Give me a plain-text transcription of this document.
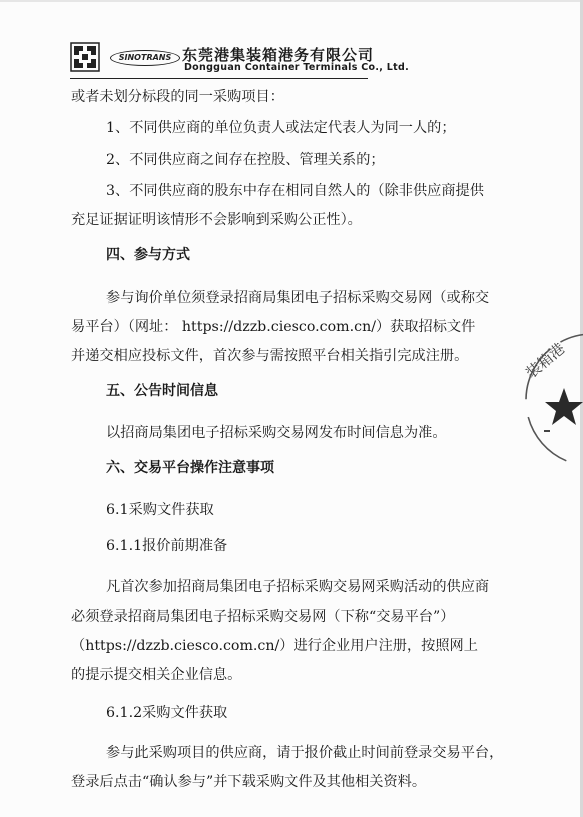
SINOTRANS 东莞港集装箱港务有限公司
Dongguan Container Terminals Co., Ltd.
或者未划分标段的同一采购项目：
1、不同供应商的单位负责人或法定代表人为同一人的；
2、不同供应商之间存在控股、管理关系的；
3、不同供应商的股东中存在相同自然人的（除非供应商提供
充足证据证明该情形不会影响到采购公正性）。
四、参与方式
参与询价单位须登录招商局集团电子招标采购交易网（或称交
易平台）（网址： https://dzzb.ciesco.com.cn/）获取招标文件
并递交相应投标文件，首次参与需按照平台相关指引完成注册。
五、公告时间信息
以招商局集团电子招标采购交易网发布时间信息为准。
六、交易平台操作注意事项
6.1采购文件获取
6.1.1报价前期准备
凡首次参加招商局集团电子招标采购交易网采购活动的供应商
必须登录招商局集团电子招标采购交易网（下称“交易平台”）
（https://dzzb.ciesco.com.cn/）进行企业用户注册，按照网上
的提示提交相关企业信息。
6.1.2采购文件获取
参与此采购项目的供应商，请于报价截止时间前登录交易平台，
登录后点击“确认参与”并下载采购文件及其他相关资料。
装箱港
